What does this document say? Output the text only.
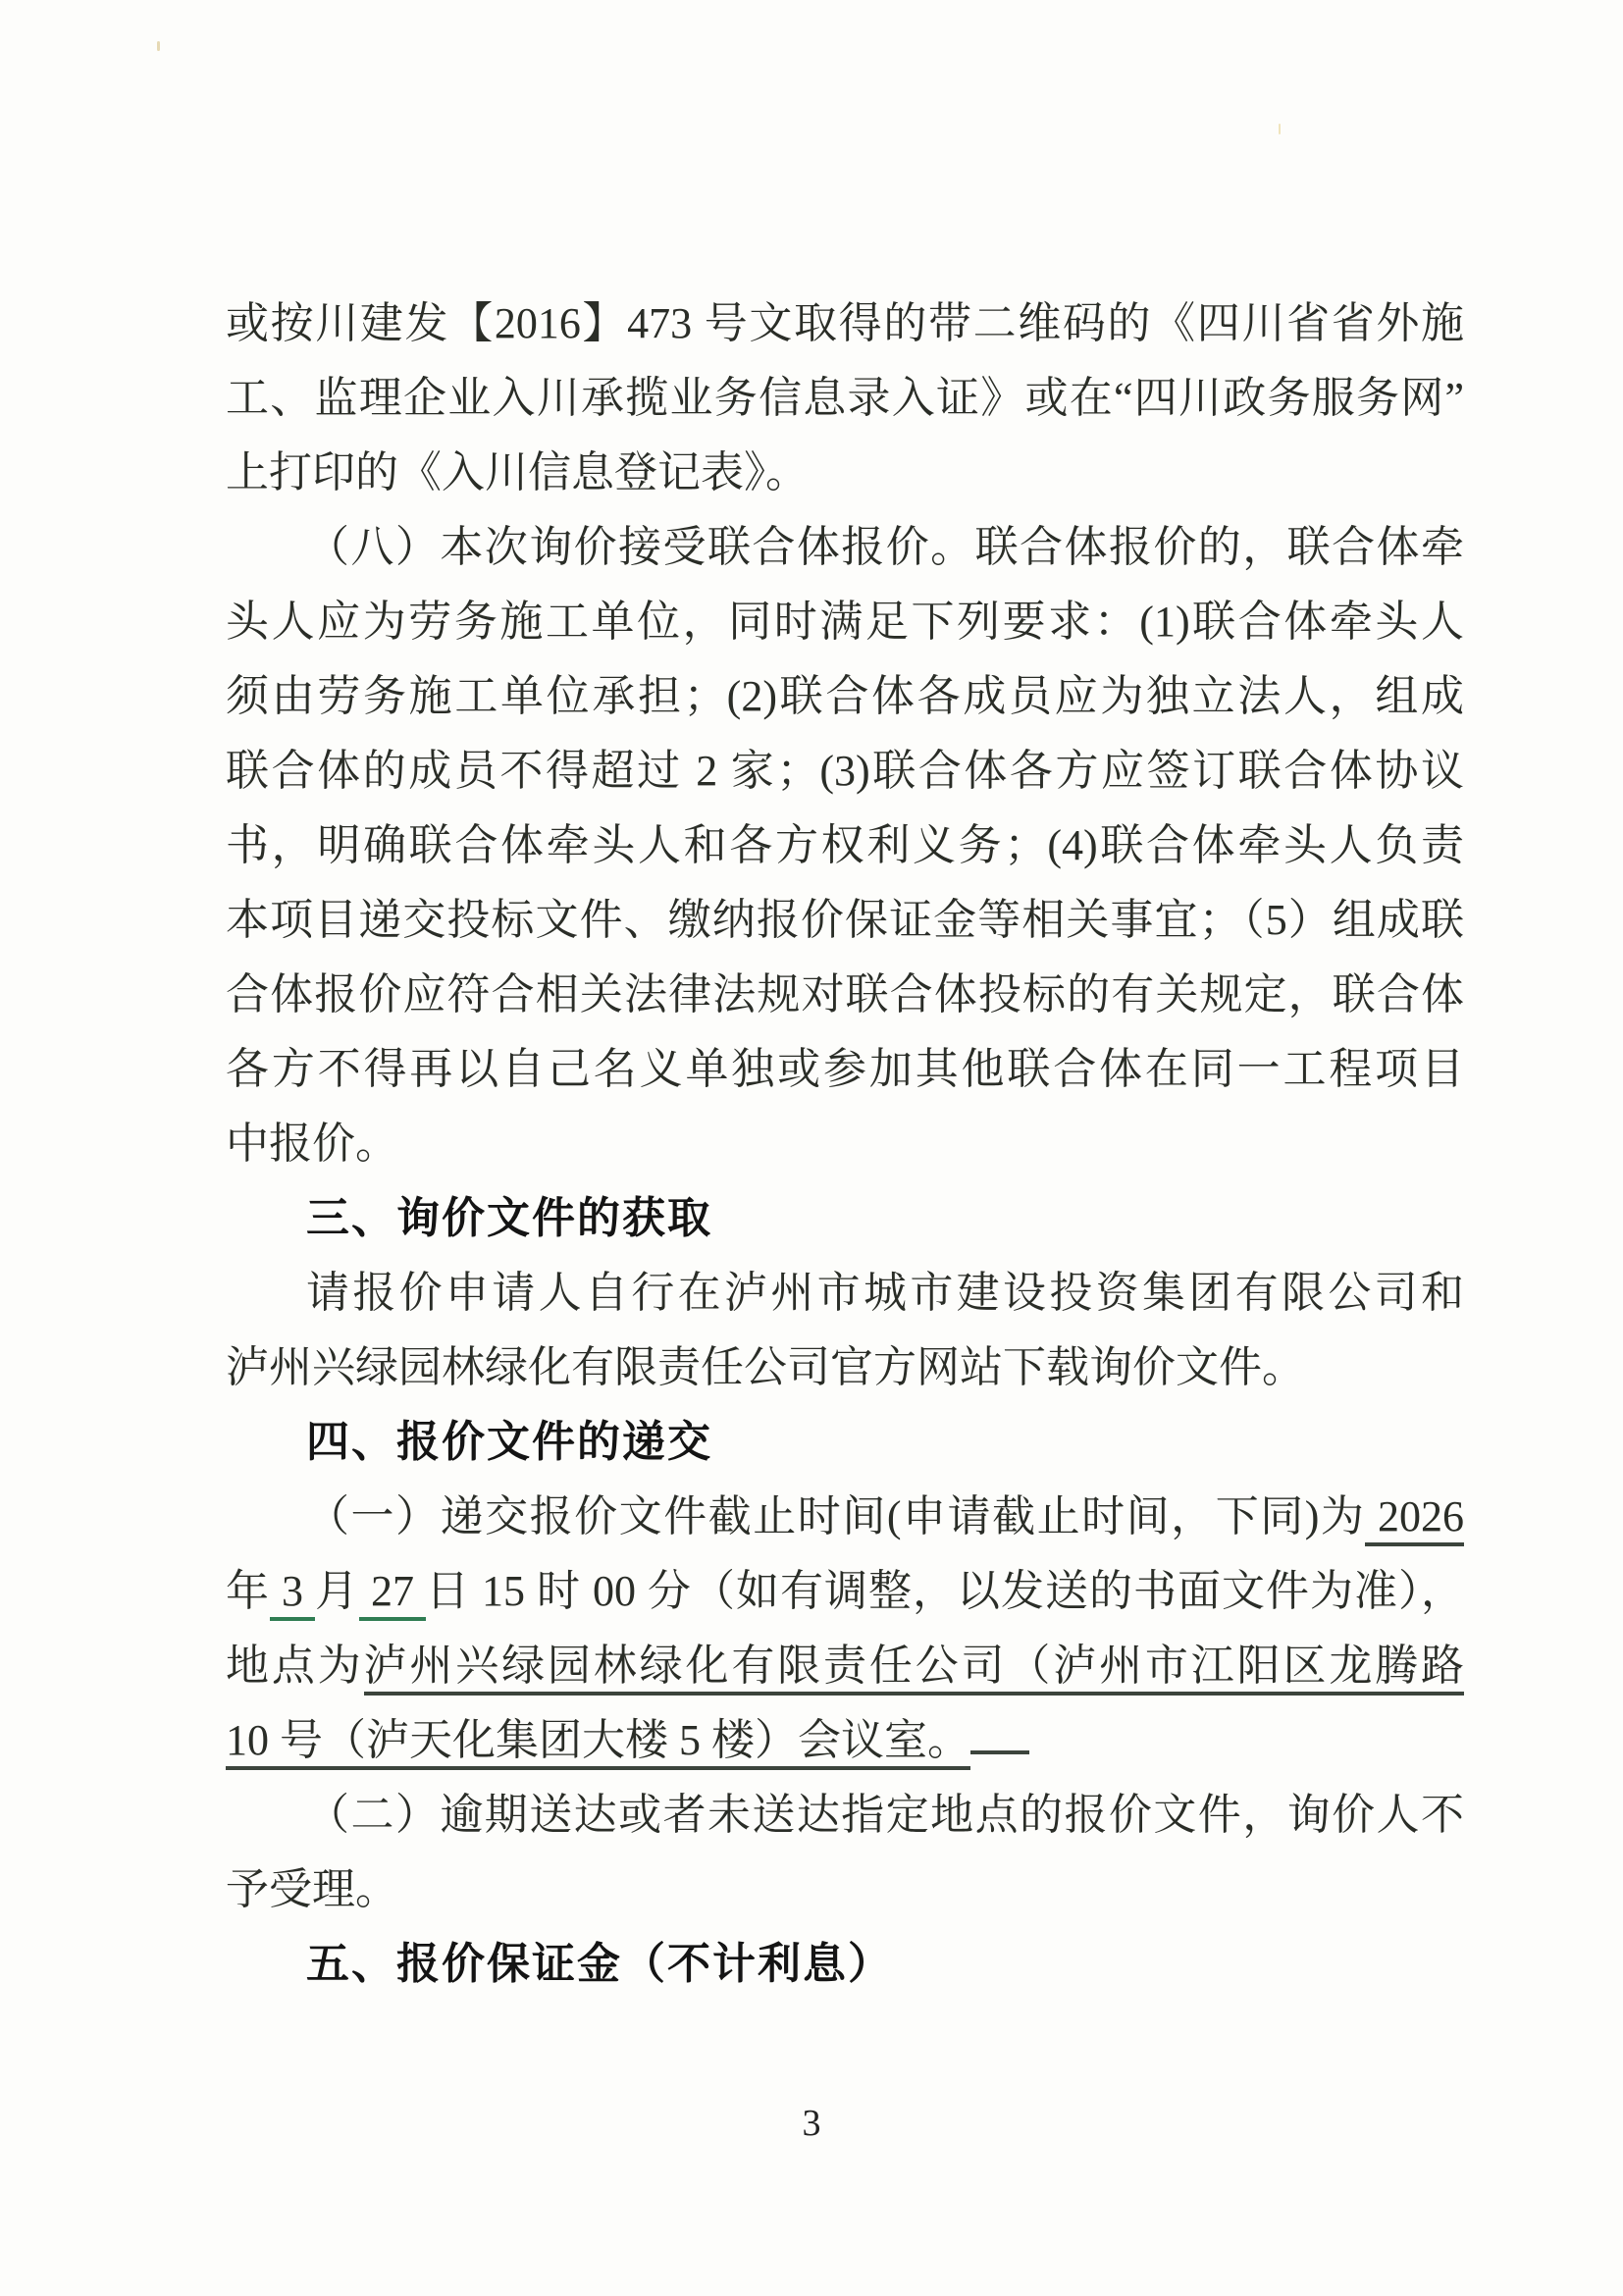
或按川建发【2016】473 号文取得的带二维码的《四川省省外施
工、监理企业入川承揽业务信息录入证》或在“四川政务服务网”
上打印的《入川信息登记表》。
（八）本次询价接受联合体报价。联合体报价的，联合体牵
头人应为劳务施工单位，同时满足下列要求：(1)联合体牵头人
须由劳务施工单位承担；(2)联合体各成员应为独立法人，组成
联合体的成员不得超过 2 家；(3)联合体各方应签订联合体协议
书，明确联合体牵头人和各方权利义务；(4)联合体牵头人负责
本项目递交投标文件、缴纳报价保证金等相关事宜；（5）组成联
合体报价应符合相关法律法规对联合体投标的有关规定，联合体
各方不得再以自己名义单独或参加其他联合体在同一工程项目
中报价。
三、询价文件的获取
请报价申请人自行在泸州市城市建设投资集团有限公司和
泸州兴绿园林绿化有限责任公司官方网站下载询价文件。
四、报价文件的递交
（一）递交报价文件截止时间(申请截止时间，下同)为 2026
年 3 月 27 日 15 时 00 分（如有调整，以发送的书面文件为准），
地点为泸州兴绿园林绿化有限责任公司（泸州市江阳区龙腾路
10 号（泸天化集团大楼 5 楼）会议室。
（二）逾期送达或者未送达指定地点的报价文件，询价人不
予受理。
五、报价保证金（不计利息）
3
